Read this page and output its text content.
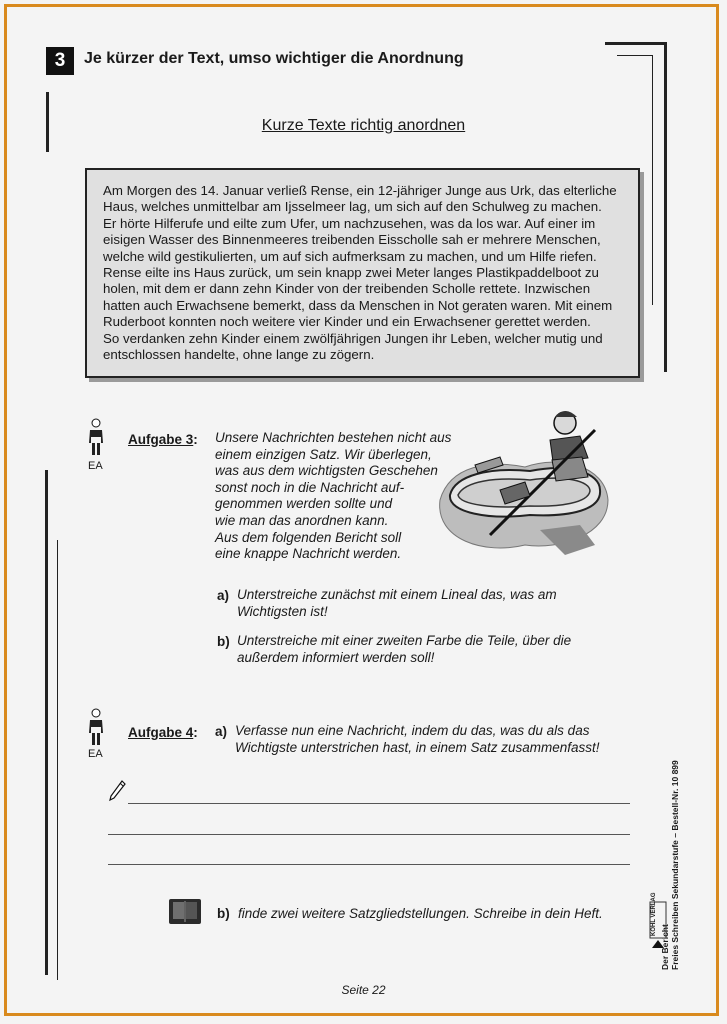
3	Je kürzer der Text, umso wichtiger die Anordnung
Kurze Texte richtig anordnen
Am Morgen des 14. Januar verließ Rense, ein 12-jähriger Junge aus Urk, das elterliche
Haus, welches unmittelbar am Ijsselmeer lag, um sich auf den Schulweg zu machen.
Er hörte Hilferufe und eilte zum Ufer, um nachzusehen, was da los war. Auf einer im
eisigen Wasser des Binnenmeeres treibenden Eisscholle sah er mehrere Menschen,
welche wild gestikulierten, um auf sich aufmerksam zu machen, und um Hilfe riefen.
Rense eilte ins Haus zurück, um sein knapp zwei Meter langes Plastikpaddelboot zu
holen, mit dem er dann zehn Kinder von der treibenden Scholle rettete. Inzwischen
hatten auch Erwachsene bemerkt, dass da Menschen in Not geraten waren. Mit einem
Ruderboot konnten noch weitere vier Kinder und ein Erwachsener gerettet werden.
So verdanken zehn Kinder einem zwölfjährigen Jungen ihr Leben, welcher mutig und
entschlossen handelte, ohne lange zu zögern.
EA
Aufgabe 3: Unsere Nachrichten bestehen nicht aus
einem einzigen Satz. Wir überlegen,
was aus dem wichtigsten Geschehen
sonst noch in die Nachricht auf-
genommen werden sollte und
wie man das anordnen kann.
Aus dem folgenden Bericht soll
eine knappe Nachricht werden.
a) Unterstreiche zunächst mit einem Lineal das, was am
Wichtigsten ist!
b) Unterstreiche mit einer zweiten Farbe die Teile, über die
außerdem informiert werden soll!
EA
Aufgabe 4: a) Verfasse nun eine Nachricht, indem du das, was du als das
Wichtigste unterstrichen hast, in einem Satz zusammenfasst!
b) finde zwei weitere Satzgliedstellungen. Schreibe in dein Heft.
Der Bericht Freies Schreiben Sekundarstufe – Bestell-Nr. 10 899
KOHL VERLAG
Seite 22
